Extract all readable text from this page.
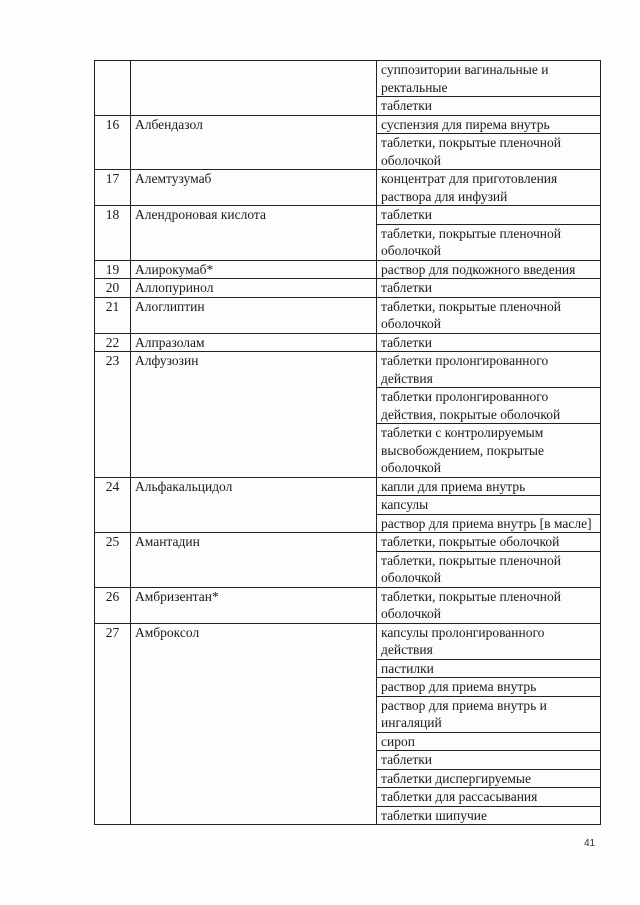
		суппозитории вагинальные и ректальные
		таблетки
16	Албендазол	суспензия для пирема внутрь
		таблетки, покрытые пленочной оболочкой
17	Алемтузумаб	концентрат для приготовления раствора для инфузий
18	Алендроновая кислота	таблетки
		таблетки, покрытые пленочной оболочкой
19	Алирокумаб*	раствор для подкожного введения
20	Аллопуринол	таблетки
21	Алоглиптин	таблетки, покрытые пленочной оболочкой
22	Алпразолам	таблетки
23	Алфузозин	таблетки пролонгированного действия
		таблетки пролонгированного действия, покрытые оболочкой
		таблетки с контролируемым высвобождением, покрытые оболочкой
24	Альфакальцидол	капли для приема внутрь
		капсулы
		раствор для приема внутрь [в масле]
25	Амантадин	таблетки, покрытые оболочкой
		таблетки, покрытые пленочной оболочкой
26	Амбризентан*	таблетки, покрытые пленочной оболочкой
27	Амброксол	капсулы пролонгированного действия
		пастилки
		раствор для приема внутрь
		раствор для приема внутрь и ингаляций
		сироп
		таблетки
		таблетки диспергируемые
		таблетки для рассасывания
		таблетки шипучие
41
